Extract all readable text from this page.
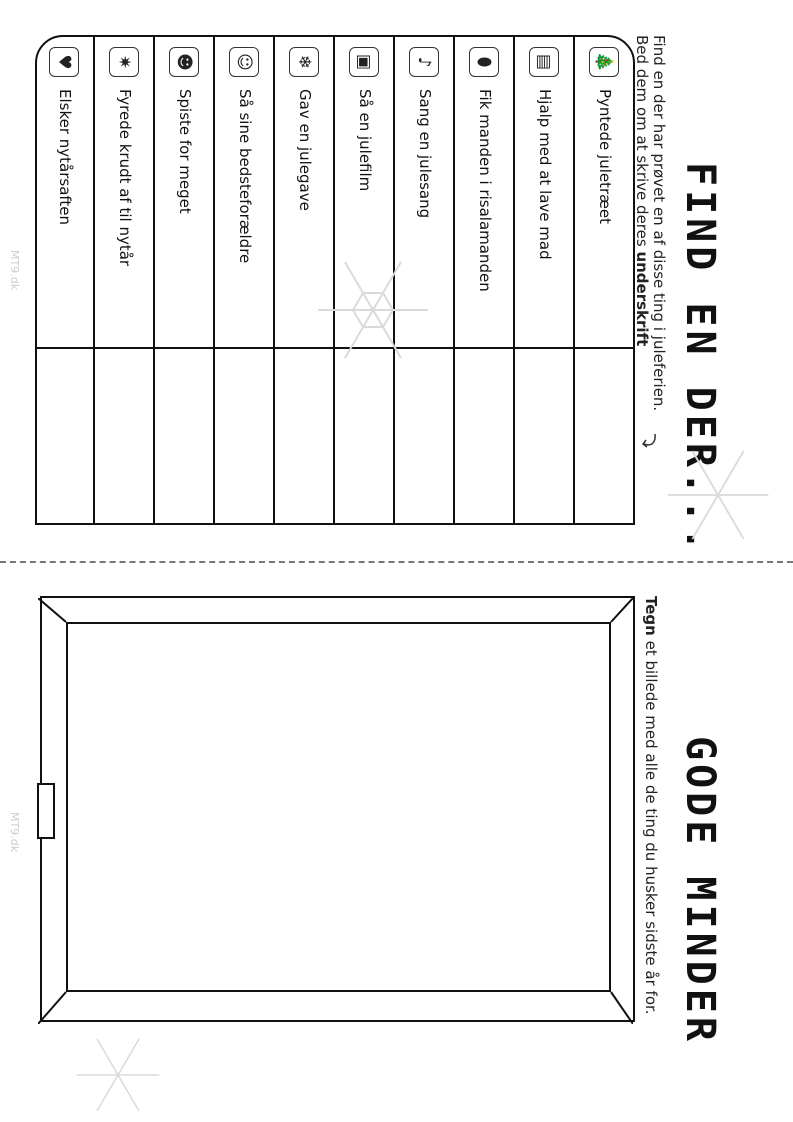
FIND EN DER...
Find en der har prøvet en af disse ting i juleferien.
Bed dem om at skrive deres underskrift
🎄
Pyntede juletræet
▤
Hjalp med at lave mad
⬮
Fik manden i risalamanden
♪
Sang en julesang
▣
Så en julefilm
❄
Gav en julegave
☺
Så sine bedsteforældre
☻
Spiste for meget
✷
Fyrede krudt af til nytår
♥
Elsker nytårsaften
MT9.dk
GODE MINDER
Tegn et billede med alle de ting du husker sidste år for.
MT9.dk
